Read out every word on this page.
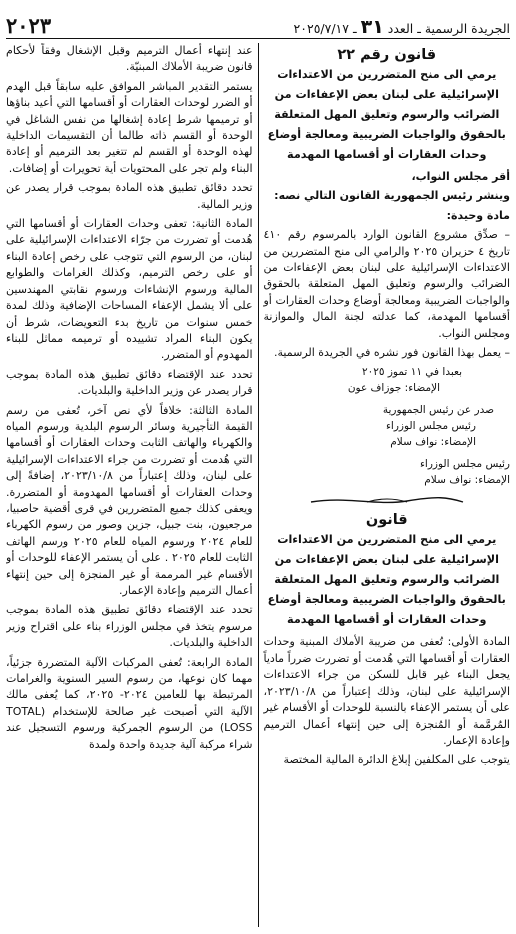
الجريدة الرسمية ـ العدد ٣١ ـ ٢٠٢٥/٧/١٧
٢٠٢٣
قانون رقم ٢٢
يرمي الى منح المتضررين من الاعتداءات الإسرائيلية على لبنان بعض الإعفاءات من الضرائب والرسوم وتعليق المهل المتعلقة بالحقوق والواجبات الضريبية ومعالجة أوضاع وحدات العقارات أو أقسامها المهدمة

أقر مجلس النواب،

وينشر رئيس الجمهورية القانون التالي نصه:

مادة وحيدة:

– صدِّق مشروع القانون الوارد بالمرسوم رقم ٤١٠ تاريخ ٤ حزيران ٢٠٢٥ والرامي الى منح المتضررين من الاعتداءات الإسرائيلية على لبنان بعض الإعفاءات من الضرائب والرسوم وتعليق المهل المتعلقة بالحقوق والواجبات الضريبية ومعالجة أوضاع وحدات العقارات أو أقسامها المهدمة، كما عدلته لجنة المال والموازنة ومجلس النواب.

– يعمل بهذا القانون فور نشره في الجريدة الرسمية.

بعبدا في ١١ تموز ٢٠٢٥
الإمضاء: جوزاف عون
صدر عن رئيس الجمهورية
رئيس مجلس الوزراء
الإمضاء: نواف سلام
رئيس مجلس الوزراء
الإمضاء: نواف سلام
قانون
يرمي الى منح المتضررين من الاعتداءات الإسرائيلية على لبنان بعض الإعفاءات من الضرائب والرسوم وتعليق المهل المتعلقة بالحقوق والواجبات الضريبية ومعالجة أوضاع وحدات العقارات أو أقسامها المهدمة

المادة الأولى: تُعفى من ضريبة الأملاك المبنية وحدات العقارات أو أقسامها التي هُدمت أو تضررت ضرراً مادياً يجعل البناء غير قابل للسكن من جراء الاعتداءات الإسرائيلية على لبنان، وذلك إعتباراً من ٢٠٢٣/١٠/٨، على أن يستمر الإعفاء بالنسبة للوحدات أو الأقسام غير المُرمَّمة أو المُنجزة إلى حين إنتهاء أعمال الترميم وإعادة الإعمار.

يتوجب على المكلفين إبلاغ الدائرة المالية المختصة

عند إنتهاء أعمال الترميم وقبل الإشغال وفقاً لأحكام قانون ضريبة الأملاك المبنيّة.

يستمر التقدير المباشر الموافق عليه سابقاً قبل الهدم أو الضرر لوحدات العقارات أو أقسامها التي أعيد بناؤها أو ترميمها شرط إعادة إشغالها من نفس الشاغل في الوحدة أو القسم ذاته طالما أن التقسيمات الداخلية لهذه الوحدة أو القسم لم تتغير بعد الترميم أو إعادة البناء ولم تجر على المحتويات أية تحويرات أو إضافات.

تحدد دقائق تطبيق هذه المادة بموجب قرار يصدر عن وزير المالية.

المادة الثانية: تعفى وحدات العقارات أو أقسامها التي هُدمت أو تضررت من جرّاء الاعتداءات الإسرائيلية على لبنان، من الرسوم التي تتوجب على رخص إعادة البناء أو على رخص الترميم، وكذلك الغرامات والطوابع المالية ورسوم الإنشاءات ورسوم نقابتي المهندسين على ألا يشمل الإعفاء المساحات الإضافية وذلك لمدة خمس سنوات من تاريخ بدء التعويضات، شرط أن يكون البناء المراد تشييده أو ترميمه مماثل للبناء المهدوم أو المتضرر.

تحدد عند الإقتضاء دقائق تطبيق هذه المادة بموجب قرار يصدر عن وزير الداخلية والبلديات.

المادة الثالثة: خلافاً لأي نص آخر، تُعفى من رسم القيمة التأجيرية وسائر الرسوم البلدية ورسوم المياه والكهرباء والهاتف الثابت وحدات العقارات أو أقسامها التي هُدمت أو تضررت من جراء الاعتداءات الإسرائيلية على لبنان، وذلك إعتباراً من ٢٠٢٣/١٠/٨، إضافةً إلى وحدات العقارات أو أقسامها المهدومة أو المتضررة. ويعفى كذلك جميع المتضررين في قرى أقضية حاصبيا، مرجعيون، بنت جبيل، جزين وصور من رسوم الكهرباء للعام ٢٠٢٤ ورسوم المياه للعام ٢٠٢٥ ورسم الهاتف الثابت للعام ٢٠٢٥ . على أن يستمر الإعفاء للوحدات أو الأقسام غير المرممة أو غير المنجزة إلى حين إنتهاء أعمال الترميم وإعادة الإعمار.

تحدد عند الإقتضاء دقائق تطبيق هذه المادة بموجب مرسوم يتخذ في مجلس الوزراء بناء على اقتراح وزير الداخلية والبلديات.

المادة الرابعة: تُعفى المركبات الآلية المتضررة جزئياً، مهما كان نوعها، من رسوم السير السنوية والغرامات المرتبطة بها للعامين ٢٠٢٤- ٢٠٢٥، كما يُعفى مالك الآلية التي أصبحت غير صالحة للإستخدام (TOTAL LOSS) من الرسوم الجمركية ورسوم التسجيل عند شراء مركبة آلية جديدة واحدة ولمدة
